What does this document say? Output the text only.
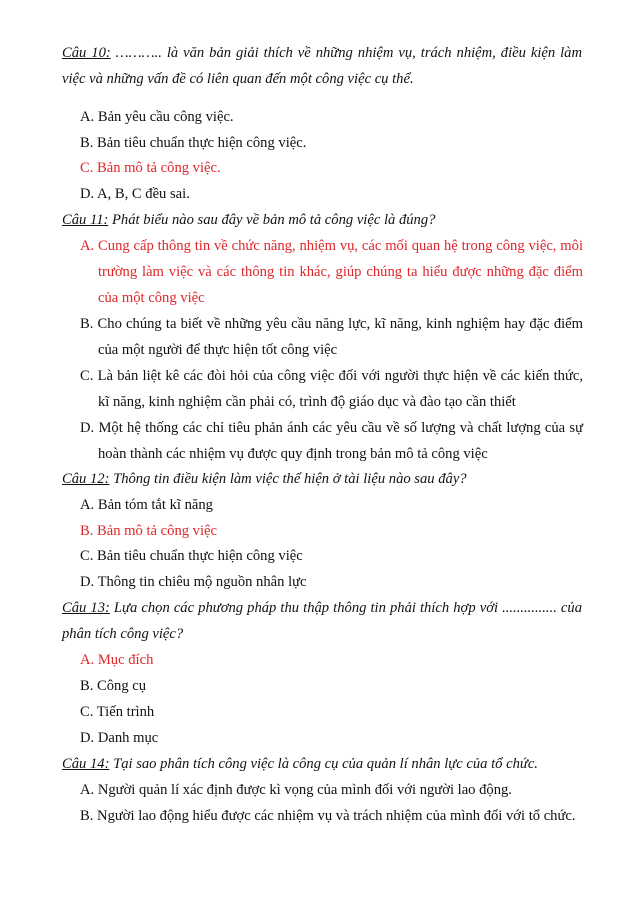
Câu 10: ……….. là văn bản giải thích về những nhiệm vụ, trách nhiệm, điều kiện làm việc và những vấn đề có liên quan đến một công việc cụ thể.
A. Bản yêu cầu công việc.
B. Bản tiêu chuẩn thực hiện công việc.
C. Bản mô tả công việc.
D. A, B, C đều sai.
Câu 11: Phát biểu nào sau đây về bản mô tả công việc là đúng?
A. Cung cấp thông tin về chức năng, nhiệm vụ, các mối quan hệ trong công việc, môi trường làm việc và các thông tin khác, giúp chúng ta hiểu được những đặc điểm của một công việc
B. Cho chúng ta biết về những yêu cầu năng lực, kĩ năng, kinh nghiệm hay đặc điểm của một người để thực hiện tốt công việc
C. Là bản liệt kê các đòi hỏi của công việc đối với người thực hiện về các kiến thức, kĩ năng, kinh nghiệm cần phải có, trình độ giáo dục và đào tạo cần thiết
D. Một hệ thống các chỉ tiêu phản ánh các yêu cầu về số lượng và chất lượng của sự hoàn thành các nhiệm vụ được quy định trong bản mô tả công việc
Câu 12: Thông tin điều kiện làm việc thể hiện ở tài liệu nào sau đây?
A. Bản tóm tắt kĩ năng
B. Bản mô tả công việc
C. Bản tiêu chuẩn thực hiện công việc
D. Thông tin chiêu mộ nguồn nhân lực
Câu 13: Lựa chọn các phương pháp thu thập thông tin phải thích hợp với ............... của phân tích công việc?
A. Mục đích
B. Công cụ
C. Tiến trình
D. Danh mục
Câu 14: Tại sao phân tích công việc là công cụ của quản lí nhân lực của tổ chức.
A. Người quản lí xác định được kì vọng của mình đối với người lao động.
B. Người lao động hiểu được các nhiệm vụ và trách nhiệm của mình đối với tổ chức.
